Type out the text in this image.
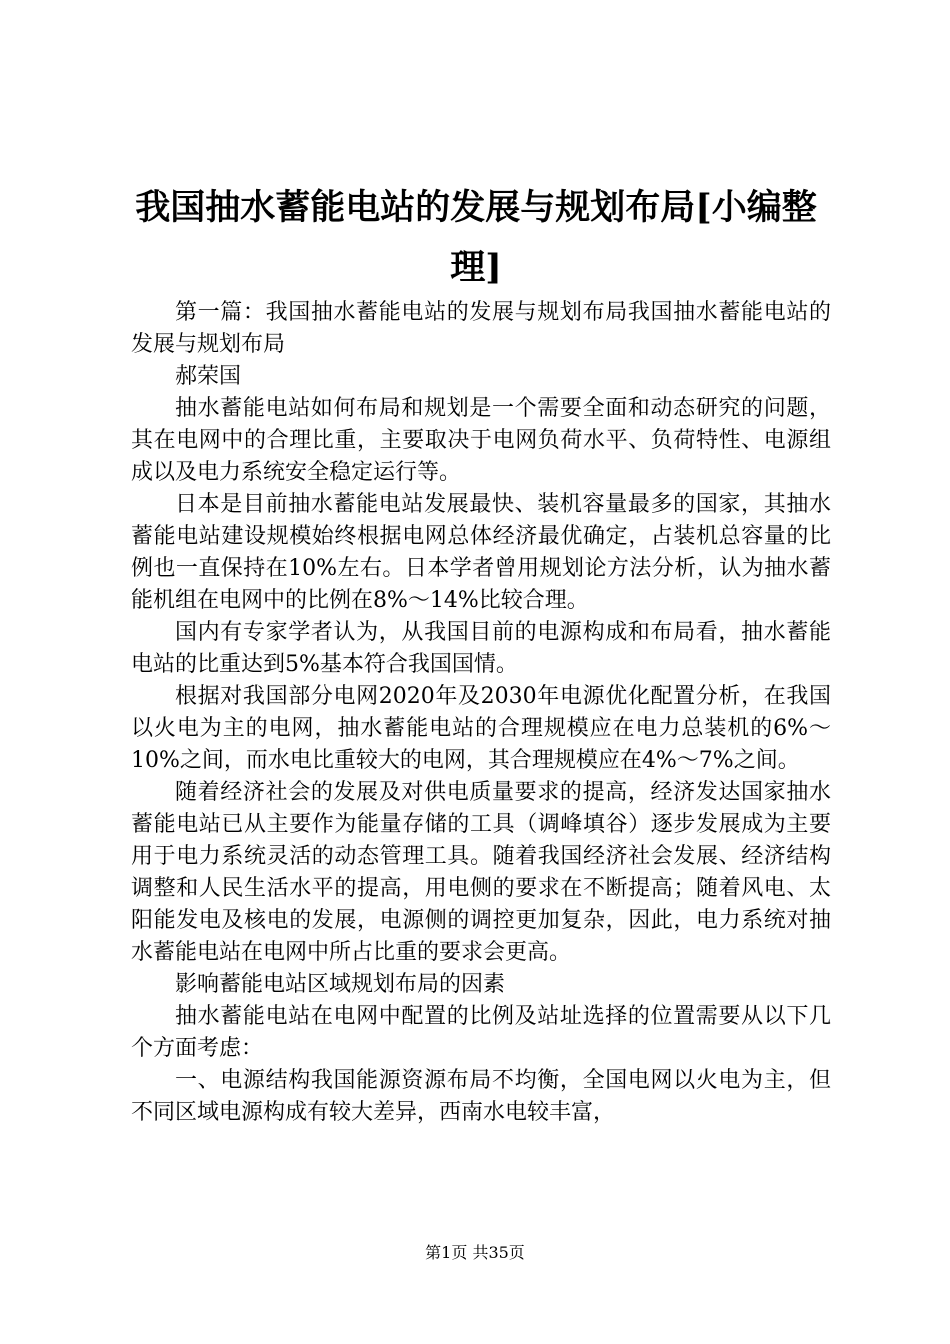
我国抽水蓄能电站的发展与规划布局[小编整理]

第一篇：我国抽水蓄能电站的发展与规划布局我国抽水蓄能电站的发展与规划布局

郝荣国

抽水蓄能电站如何布局和规划是一个需要全面和动态研究的问题，其在电网中的合理比重，主要取决于电网负荷水平、负荷特性、电源组成以及电力系统安全稳定运行等。

日本是目前抽水蓄能电站发展最快、装机容量最多的国家，其抽水蓄能电站建设规模始终根据电网总体经济最优确定，占装机总容量的比例也一直保持在10%左右。日本学者曾用规划论方法分析，认为抽水蓄能机组在电网中的比例在8%～14%比较合理。

国内有专家学者认为，从我国目前的电源构成和布局看，抽水蓄能电站的比重达到5%基本符合我国国情。

根据对我国部分电网2020年及2030年电源优化配置分析，在我国以火电为主的电网，抽水蓄能电站的合理规模应在电力总装机的6%～10%之间，而水电比重较大的电网，其合理规模应在4%～7%之间。

随着经济社会的发展及对供电质量要求的提高，经济发达国家抽水蓄能电站已从主要作为能量存储的工具（调峰填谷）逐步发展成为主要用于电力系统灵活的动态管理工具。随着我国经济社会发展、经济结构调整和人民生活水平的提高，用电侧的要求在不断提高；随着风电、太阳能发电及核电的发展，电源侧的调控更加复杂，因此，电力系统对抽水蓄能电站在电网中所占比重的要求会更高。

影响蓄能电站区域规划布局的因素

抽水蓄能电站在电网中配置的比例及站址选择的位置需要从以下几个方面考虑：

一、电源结构我国能源资源布局不均衡，全国电网以火电为主，但不同区域电源构成有较大差异，西南水电较丰富，

第1页 共35页
